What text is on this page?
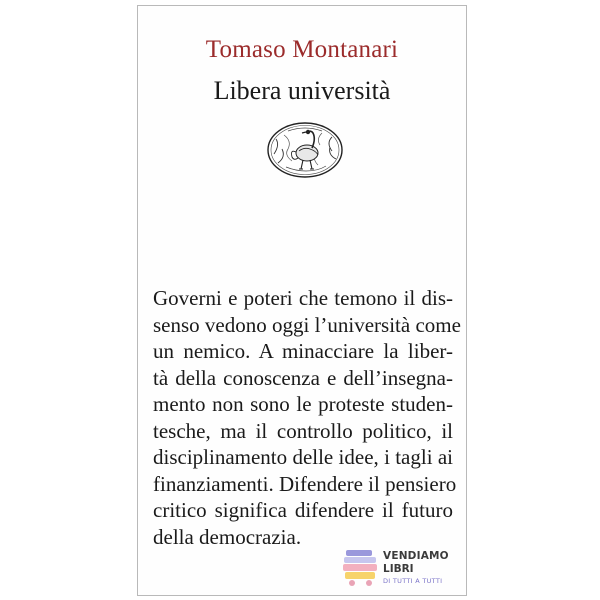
Tomaso Montanari
Libera università
Governi e poteri che temono il dis-
senso vedono oggi l’università come
un nemico. A minacciare la liber-
tà della conoscenza e dell’insegna-
mento non sono le proteste studen-
tesche, ma il controllo politico, il
disciplinamento delle idee, i tagli ai
finanziamenti. Difendere il pensiero
critico significa difendere il futuro
della democrazia.
VENDIAMO
LIBRI
DI TUTTI A TUTTI
